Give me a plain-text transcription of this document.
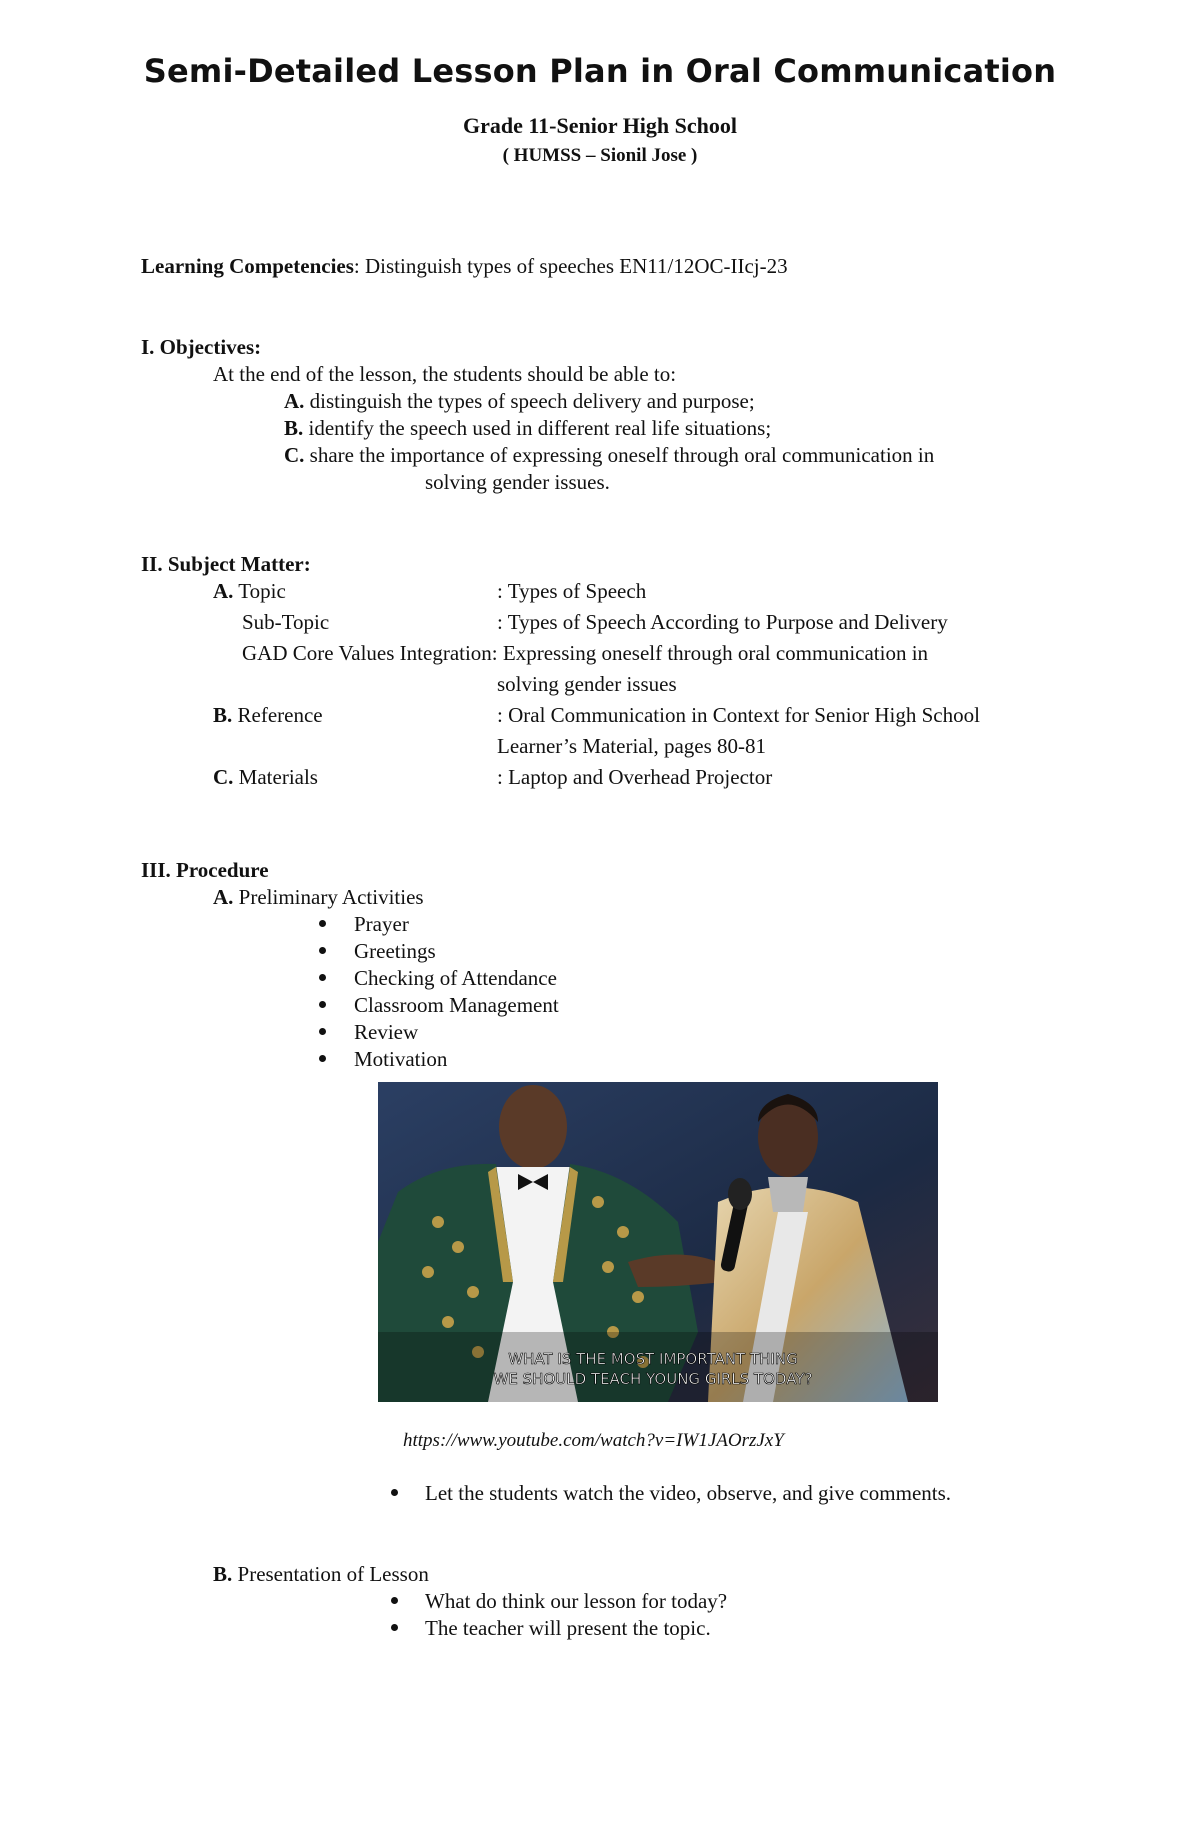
Semi-Detailed Lesson Plan in Oral Communication
Grade 11-Senior High School
( HUMSS – Sionil Jose )
Learning Competencies: Distinguish types of speeches EN11/12OC-IIcj-23
I. Objectives:
At the end of the lesson, the students should be able to:
A. distinguish the types of speech delivery and purpose;
B. identify the speech used in different real life situations;
C. share the importance of expressing oneself through oral communication in
solving gender issues.
II. Subject Matter:
A. Topic	: Types of Speech
Sub-Topic	: Types of Speech According to Purpose and Delivery
GAD Core Values Integration: Expressing oneself through oral communication in
solving gender issues
B. Reference	: Oral Communication in Context for Senior High School
Learner’s Material, pages 80-81
C. Materials	: Laptop and Overhead Projector
III. Procedure
A. Preliminary Activities
Prayer
Greetings
Checking of Attendance
Classroom Management
Review
Motivation
WHAT IS THE MOST IMPORTANT THING
WE SHOULD TEACH YOUNG GIRLS TODAY?
https://www.youtube.com/watch?v=IW1JAOrzJxY
Let the students watch the video, observe, and give comments.
B. Presentation of Lesson
What do think our lesson for today?
The teacher will present the topic.
